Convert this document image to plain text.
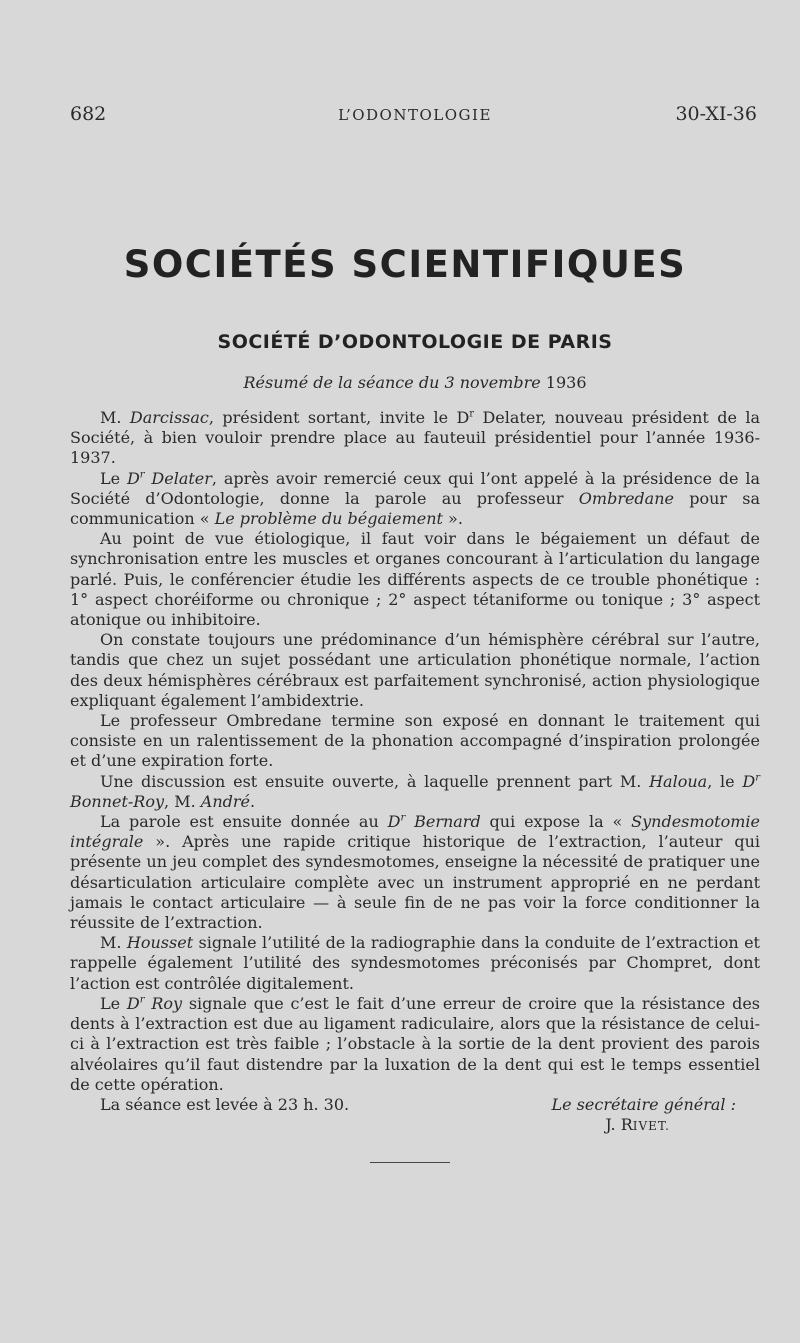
682	L’ODONTOLOGIE	30-XI-36
SOCIÉTÉS SCIENTIFIQUES
SOCIÉTÉ D’ODONTOLOGIE DE PARIS
Résumé de la séance du 3 novembre 1936

M. Darcissac, président sortant, invite le $D^r$ Delater, nouveau président de la Société, à bien vouloir prendre place au fauteuil présidentiel pour l’année 1936-1937.

Le $D^r$ Delater, après avoir remercié ceux qui l’ont appelé à la présidence de la Société d’Odontologie, donne la parole au professeur Ombredane pour sa communication « Le problème du bégaiement ».

Au point de vue étiologique, il faut voir dans le bégaiement un défaut de synchronisation entre les muscles et organes concourant à l’articulation du langage parlé. Puis, le conférencier étudie les différents aspects de ce trouble phonétique : 1° aspect choréiforme ou chronique ; 2° aspect tétaniforme ou tonique ; 3° aspect atonique ou inhibitoire.

On constate toujours une prédominance d’un hémisphère cérébral sur l’autre, tandis que chez un sujet possédant une articulation phonétique normale, l’action des deux hémisphères cérébraux est parfaitement synchronisé, action physiologique expliquant également l’ambidextrie.

Le professeur Ombredane termine son exposé en donnant le traitement qui consiste en un ralentissement de la phonation accompagné d’inspiration prolongée et d’une expiration forte.

Une discussion est ensuite ouverte, à laquelle prennent part M. Haloua, le $D^r$ Bonnet-Roy, M. André.

La parole est ensuite donnée au $D^r$ Bernard qui expose la « Syndesmotomie intégrale ». Après une rapide critique historique de l’extraction, l’auteur qui présente un jeu complet des syndesmotomes, enseigne la nécessité de pratiquer une désarticulation articulaire complète avec un instrument approprié en ne perdant jamais le contact articulaire — à seule fin de ne pas voir la force conditionner la réussite de l’extraction.

M. Housset signale l’utilité de la radiographie dans la conduite de l’extraction et rappelle également l’utilité des syndesmotomes préconisés par Chompret, dont l’action est contrôlée digitalement.

Le $D^r$ Roy signale que c’est le fait d’une erreur de croire que la résistance des dents à l’extraction est due au ligament radiculaire, alors que la résistance de celui-ci à l’extraction est très faible ; l’obstacle à la sortie de la dent provient des parois alvéolaires qu’il faut distendre par la luxation de la dent qui est le temps essentiel de cette opération.

La séance est levée à 23 h. 30.	Le secrétaire général :
J. RIVET.
